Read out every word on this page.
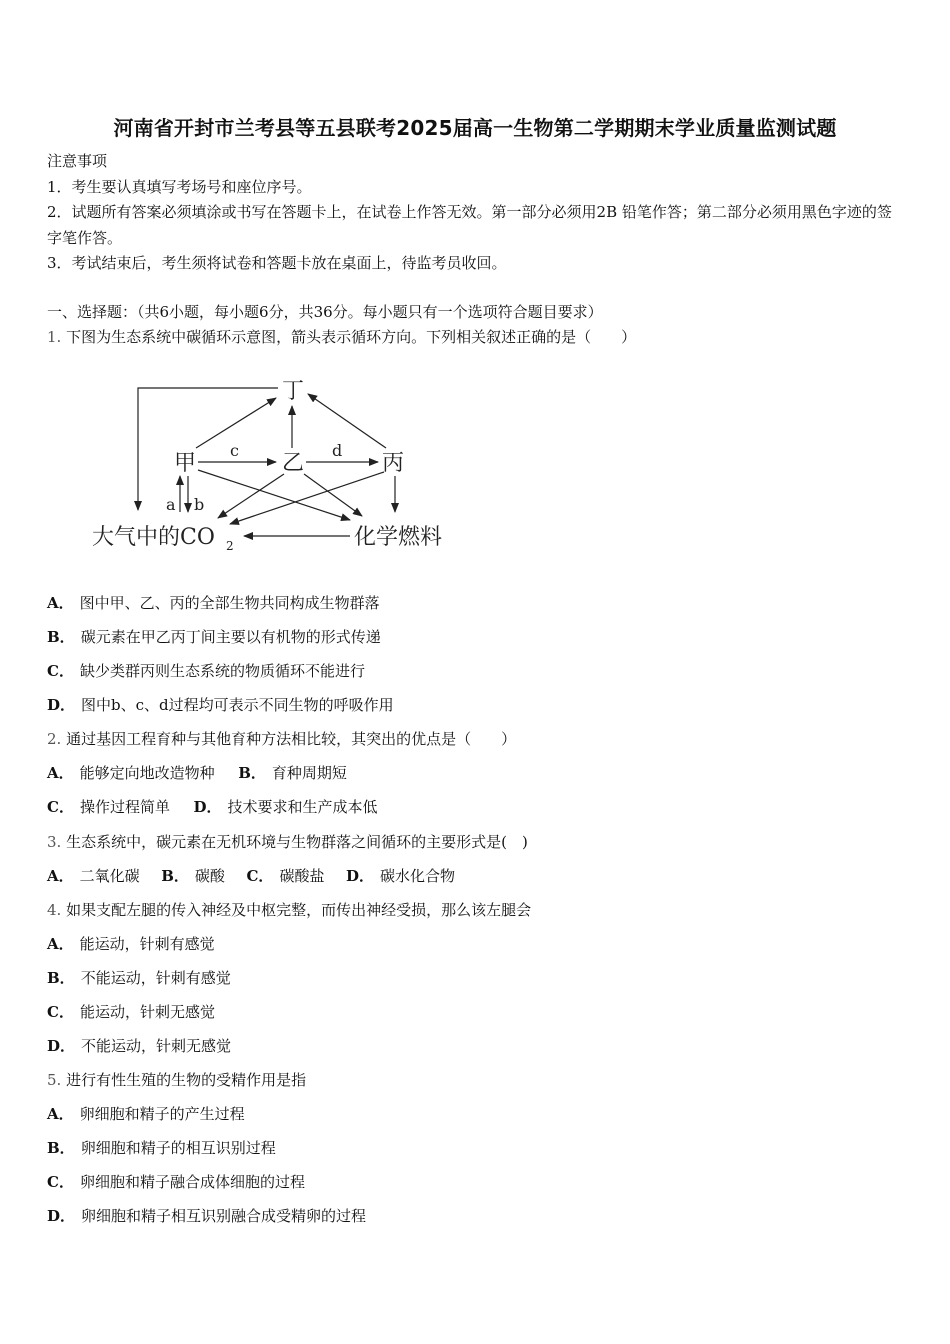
河南省开封市兰考县等五县联考2025届高一生物第二学期期末学业质量监测试题
注意事项
1．考生要认真填写考场号和座位序号。
2．试题所有答案必须填涂或书写在答题卡上，在试卷上作答无效。第一部分必须用2B 铅笔作答；第二部分必须用黑色字迹的签字笔作答。
3．考试结束后，考生须将试卷和答题卡放在桌面上，待监考员收回。
一、选择题：（共6小题，每小题6分，共36分。每小题只有一个选项符合题目要求）
1. 下图为生态系统中碳循环示意图，箭头表示循环方向。下列相关叙述正确的是（　　）
丁
甲	乙	丙
c	d
a b
大气中的CO 2	化学燃料
A． 图中甲、乙、丙的全部生物共同构成生物群落
B． 碳元素在甲乙丙丁间主要以有机物的形式传递
C． 缺少类群丙则生态系统的物质循环不能进行
D． 图中b、c、d过程均可表示不同生物的呼吸作用
2. 通过基因工程育种与其他育种方法相比较，其突出的优点是（　　）
A． 能够定向地改造物种 B． 育种周期短
C． 操作过程简单 D． 技术要求和生产成本低
3. 生态系统中，碳元素在无机环境与生物群落之间循环的主要形式是(　)
A． 二氧化碳 B． 碳酸 C． 碳酸盐 D． 碳水化合物
4. 如果支配左腿的传入神经及中枢完整，而传出神经受损，那么该左腿会
A． 能运动，针刺有感觉
B． 不能运动，针刺有感觉
C． 能运动，针刺无感觉
D． 不能运动，针刺无感觉
5. 进行有性生殖的生物的受精作用是指
A． 卵细胞和精子的产生过程
B． 卵细胞和精子的相互识别过程
C． 卵细胞和精子融合成体细胞的过程
D． 卵细胞和精子相互识别融合成受精卵的过程
